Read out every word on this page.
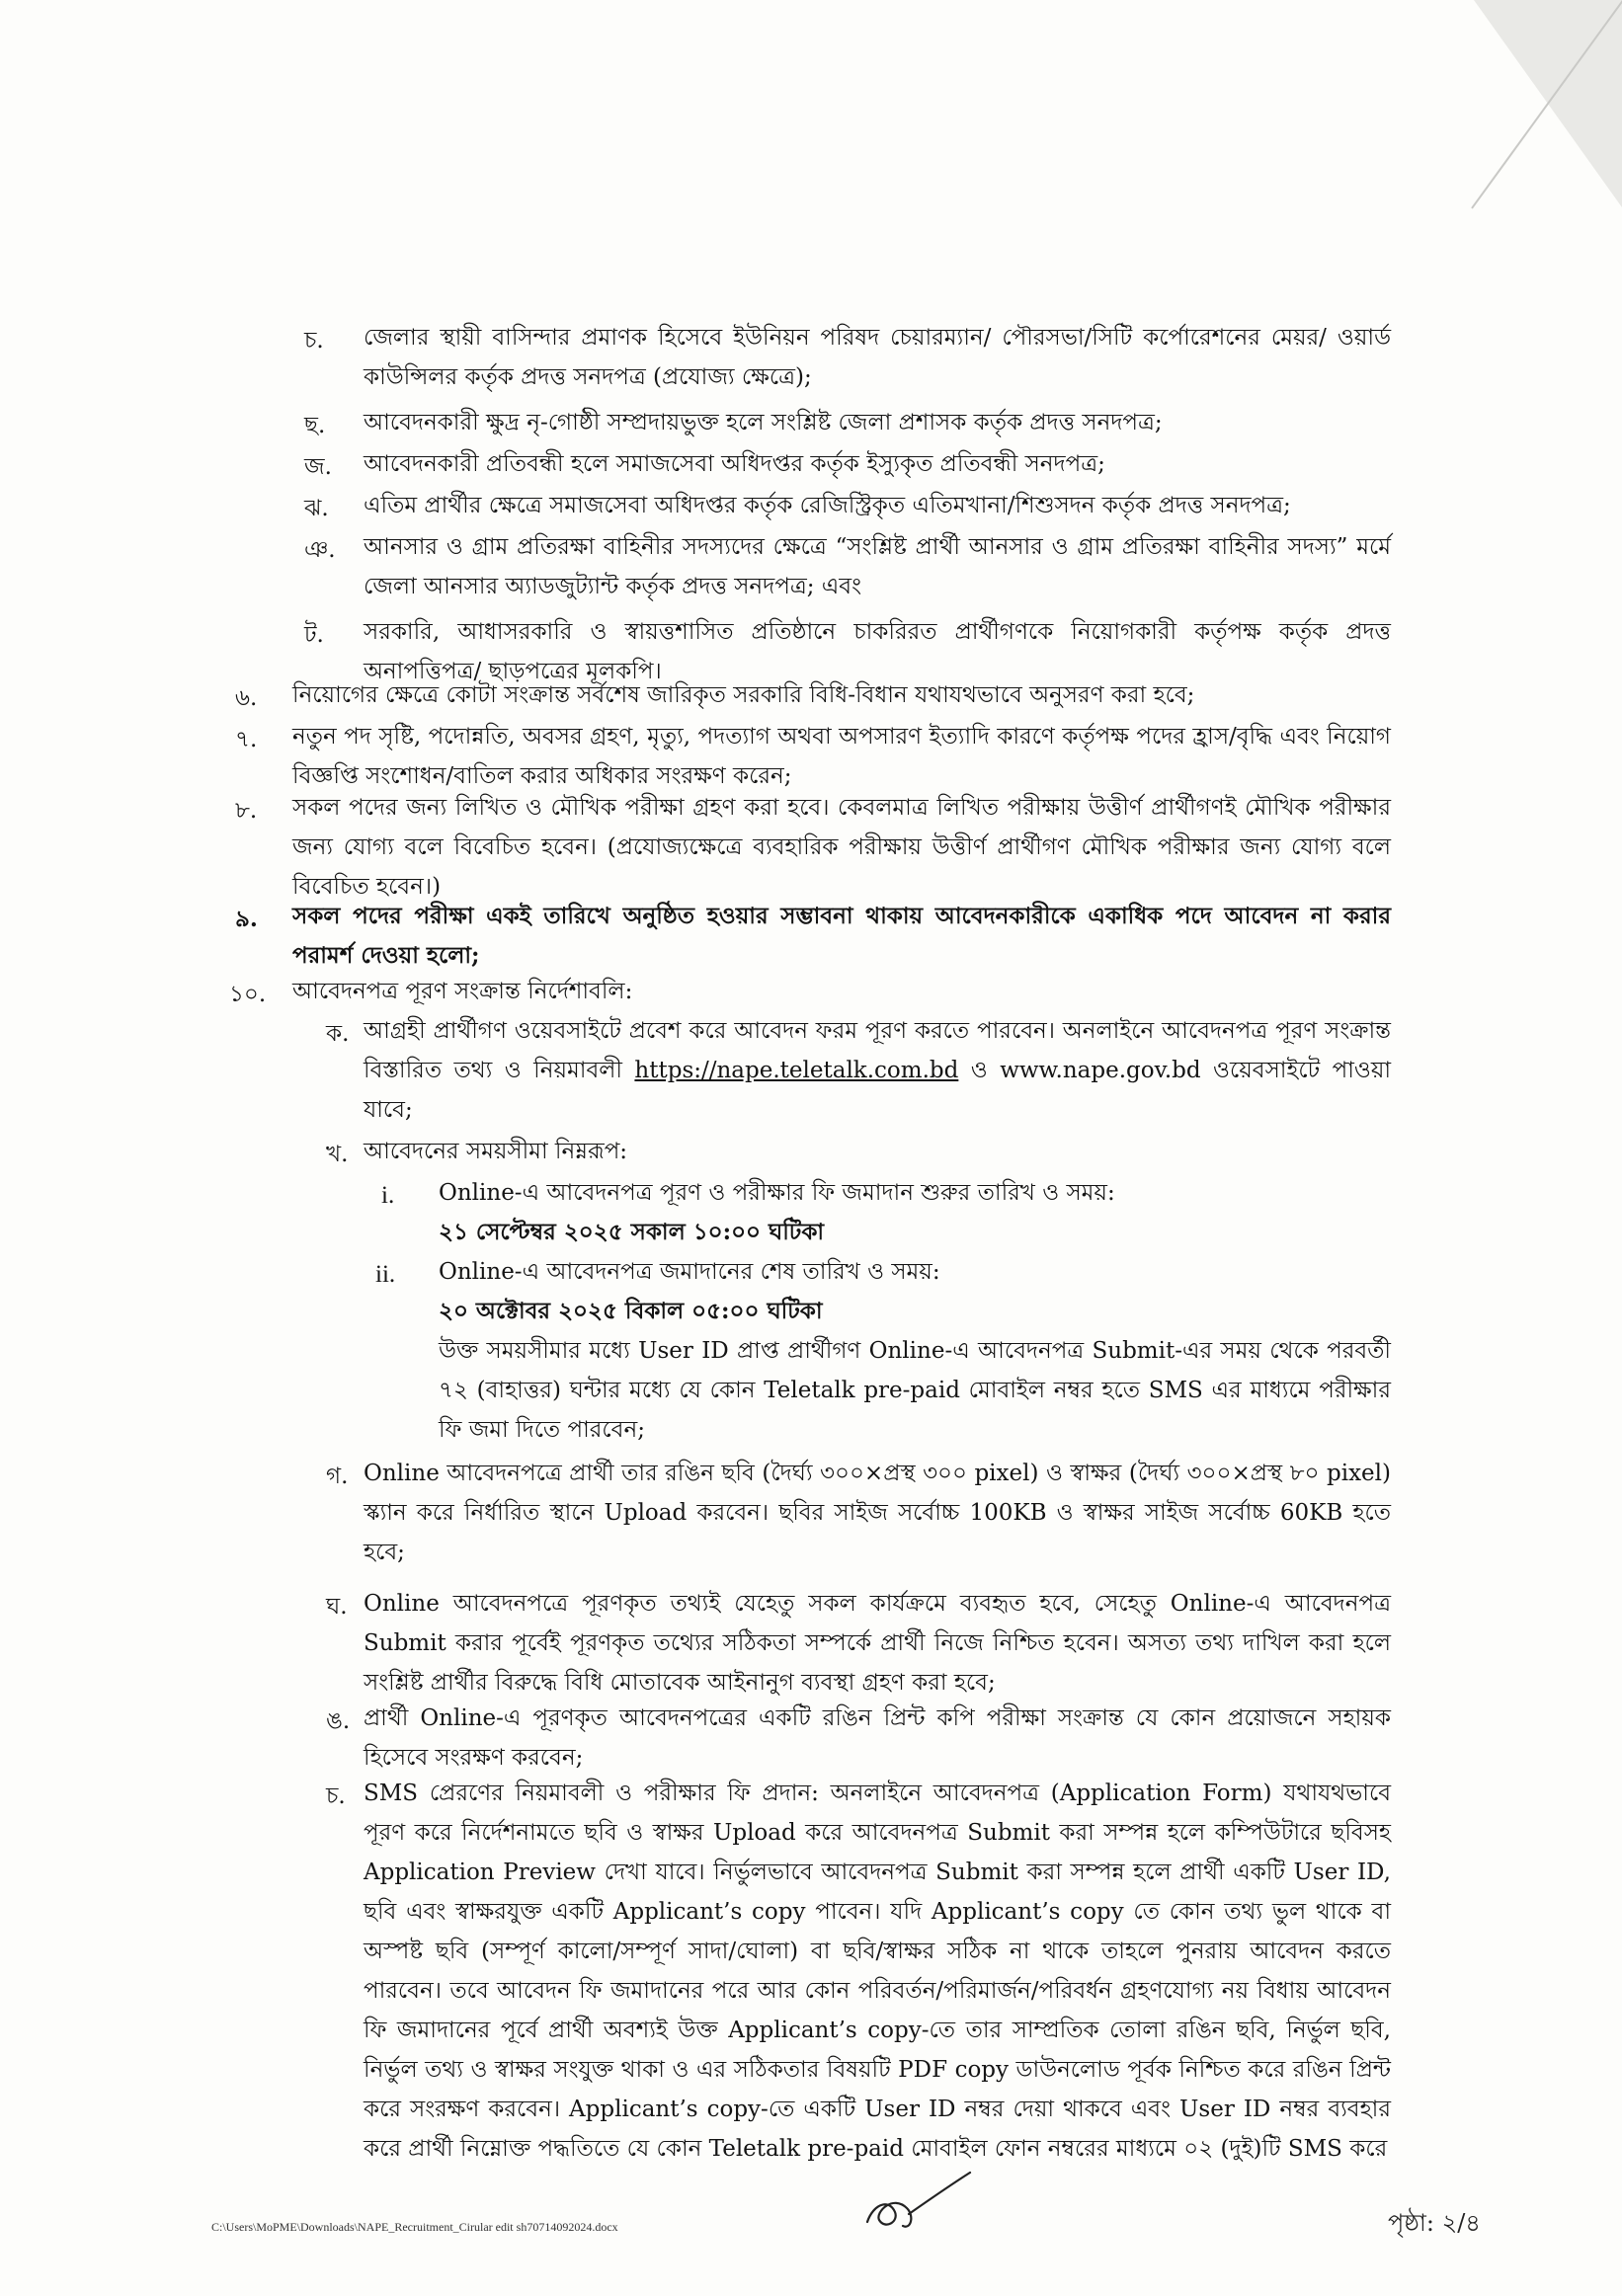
চ. জেলার স্থায়ী বাসিন্দার প্রমাণক হিসেবে ইউনিয়ন পরিষদ চেয়ারম্যান/ পৌরসভা/সিটি কর্পোরেশনের মেয়র/ ওয়ার্ড কাউন্সিলর কর্তৃক প্রদত্ত সনদপত্র (প্রযোজ্য ক্ষেত্রে);
ছ. আবেদনকারী ক্ষুদ্র নৃ-গোষ্ঠী সম্প্রদায়ভুক্ত হলে সংশ্লিষ্ট জেলা প্রশাসক কর্তৃক প্রদত্ত সনদপত্র;
জ. আবেদনকারী প্রতিবন্ধী হলে সমাজসেবা অধিদপ্তর কর্তৃক ইস্যুকৃত প্রতিবন্ধী সনদপত্র;
ঝ. এতিম প্রার্থীর ক্ষেত্রে সমাজসেবা অধিদপ্তর কর্তৃক রেজিস্ট্রিকৃত এতিমখানা/শিশুসদন কর্তৃক প্রদত্ত সনদপত্র;
ঞ. আনসার ও গ্রাম প্রতিরক্ষা বাহিনীর সদস্যদের ক্ষেত্রে “সংশ্লিষ্ট প্রার্থী আনসার ও গ্রাম প্রতিরক্ষা বাহিনীর সদস্য” মর্মে জেলা আনসার অ্যাডজুট্যান্ট কর্তৃক প্রদত্ত সনদপত্র; এবং
ট. সরকারি, আধাসরকারি ও স্বায়ত্তশাসিত প্রতিষ্ঠানে চাকরিরত প্রার্থীগণকে নিয়োগকারী কর্তৃপক্ষ কর্তৃক প্রদত্ত অনাপত্তিপত্র/ ছাড়পত্রের মূলকপি।
৬. নিয়োগের ক্ষেত্রে কোটা সংক্রান্ত সর্বশেষ জারিকৃত সরকারি বিধি-বিধান যথাযথভাবে অনুসরণ করা হবে;
৭. নতুন পদ সৃষ্টি, পদোন্নতি, অবসর গ্রহণ, মৃত্যু, পদত্যাগ অথবা অপসারণ ইত্যাদি কারণে কর্তৃপক্ষ পদের হ্রাস/বৃদ্ধি এবং নিয়োগ বিজ্ঞপ্তি সংশোধন/বাতিল করার অধিকার সংরক্ষণ করেন;
৮. সকল পদের জন্য লিখিত ও মৌখিক পরীক্ষা গ্রহণ করা হবে। কেবলমাত্র লিখিত পরীক্ষায় উত্তীর্ণ প্রার্থীগণই মৌখিক পরীক্ষার জন্য যোগ্য বলে বিবেচিত হবেন। (প্রযোজ্যক্ষেত্রে ব্যবহারিক পরীক্ষায় উত্তীর্ণ প্রার্থীগণ মৌখিক পরীক্ষার জন্য যোগ্য বলে বিবেচিত হবেন।)
৯. সকল পদের পরীক্ষা একই তারিখে অনুষ্ঠিত হওয়ার সম্ভাবনা থাকায় আবেদনকারীকে একাধিক পদে আবেদন না করার পরামর্শ দেওয়া হলো;
১০. আবেদনপত্র পূরণ সংক্রান্ত নির্দেশাবলি:
ক. আগ্রহী প্রার্থীগণ ওয়েবসাইটে প্রবেশ করে আবেদন ফরম পূরণ করতে পারবেন। অনলাইনে আবেদনপত্র পূরণ সংক্রান্ত বিস্তারিত তথ্য ও নিয়মাবলী https://nape.teletalk.com.bd ও www.nape.gov.bd ওয়েবসাইটে পাওয়া যাবে;
খ. আবেদনের সময়সীমা নিম্নরূপ:
i. Online-এ আবেদনপত্র পূরণ ও পরীক্ষার ফি জমাদান শুরুর তারিখ ও সময়:
২১ সেপ্টেম্বর ২০২৫ সকাল ১০:০০ ঘটিকা
ii. Online-এ আবেদনপত্র জমাদানের শেষ তারিখ ও সময়:
২০ অক্টোবর ২০২৫ বিকাল ০৫:০০ ঘটিকা
উক্ত সময়সীমার মধ্যে User ID প্রাপ্ত প্রার্থীগণ Online-এ আবেদনপত্র Submit-এর সময় থেকে পরবর্তী ৭২ (বাহাত্তর) ঘন্টার মধ্যে যে কোন Teletalk pre-paid মোবাইল নম্বর হতে SMS এর মাধ্যমে পরীক্ষার ফি জমা দিতে পারবেন;
গ. Online আবেদনপত্রে প্রার্থী তার রঙিন ছবি (দৈর্ঘ্য ৩০০×প্রস্থ ৩০০ pixel) ও স্বাক্ষর (দৈর্ঘ্য ৩০০×প্রস্থ ৮০ pixel) স্ক্যান করে নির্ধারিত স্থানে Upload করবেন। ছবির সাইজ সর্বোচ্চ 100KB ও স্বাক্ষর সাইজ সর্বোচ্চ 60KB হতে হবে;
ঘ. Online আবেদনপত্রে পূরণকৃত তথ্যই যেহেতু সকল কার্যক্রমে ব্যবহৃত হবে, সেহেতু Online-এ আবেদনপত্র Submit করার পূর্বেই পূরণকৃত তথ্যের সঠিকতা সম্পর্কে প্রার্থী নিজে নিশ্চিত হবেন। অসত্য তথ্য দাখিল করা হলে সংশ্লিষ্ট প্রার্থীর বিরুদ্ধে বিধি মোতাবেক আইনানুগ ব্যবস্থা গ্রহণ করা হবে;
ঙ. প্রার্থী Online-এ পূরণকৃত আবেদনপত্রের একটি রঙিন প্রিন্ট কপি পরীক্ষা সংক্রান্ত যে কোন প্রয়োজনে সহায়ক হিসেবে সংরক্ষণ করবেন;
চ. SMS প্রেরণের নিয়মাবলী ও পরীক্ষার ফি প্রদান: অনলাইনে আবেদনপত্র (Application Form) যথাযথভাবে পূরণ করে নির্দেশনামতে ছবি ও স্বাক্ষর Upload করে আবেদনপত্র Submit করা সম্পন্ন হলে কম্পিউটারে ছবিসহ Application Preview দেখা যাবে। নির্ভুলভাবে আবেদনপত্র Submit করা সম্পন্ন হলে প্রার্থী একটি User ID, ছবি এবং স্বাক্ষরযুক্ত একটি Applicant’s copy পাবেন। যদি Applicant’s copy তে কোন তথ্য ভুল থাকে বা অস্পষ্ট ছবি (সম্পূর্ণ কালো/সম্পূর্ণ সাদা/ঘোলা) বা ছবি/স্বাক্ষর সঠিক না থাকে তাহলে পুনরায় আবেদন করতে পারবেন। তবে আবেদন ফি জমাদানের পরে আর কোন পরিবর্তন/পরিমার্জন/পরিবর্ধন গ্রহণযোগ্য নয় বিধায় আবেদন ফি জমাদানের পূর্বে প্রার্থী অবশ্যই উক্ত Applicant’s copy-তে তার সাম্প্রতিক তোলা রঙিন ছবি, নির্ভুল ছবি, নির্ভুল তথ্য ও স্বাক্ষর সংযুক্ত থাকা ও এর সঠিকতার বিষয়টি PDF copy ডাউনলোড পূর্বক নিশ্চিত করে রঙিন প্রিন্ট করে সংরক্ষণ করবেন। Applicant’s copy-তে একটি User ID নম্বর দেয়া থাকবে এবং User ID নম্বর ব্যবহার করে প্রার্থী নিম্নোক্ত পদ্ধতিতে যে কোন Teletalk pre-paid মোবাইল ফোন নম্বরের মাধ্যমে ০২ (দুই)টি SMS করে
C:\Users\MoPME\Downloads\NAPE_Recruitment_Cirular edit sh70714092024.docx	পৃষ্ঠা: ২/৪
